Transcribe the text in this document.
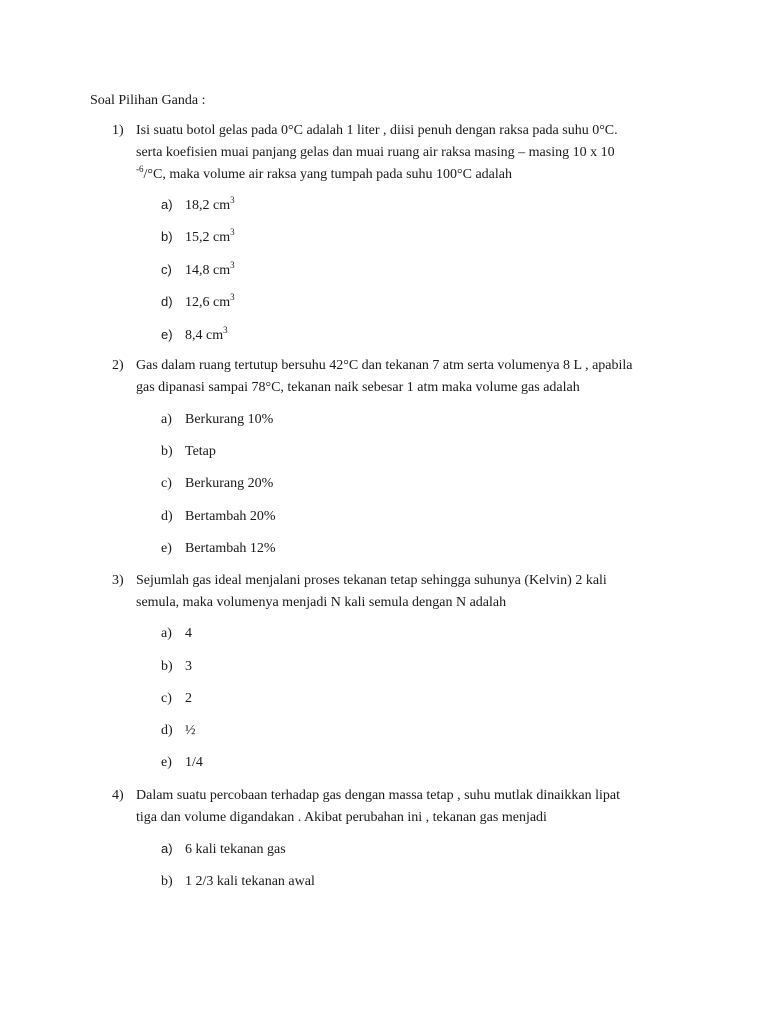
Soal Pilihan Ganda :
1) Isi suatu botol gelas pada 0°C adalah 1 liter , diisi penuh dengan raksa pada suhu 0°C.
serta koefisien muai panjang gelas dan muai ruang air raksa masing – masing 10 x 10
$^{-6}$/°C, maka volume air raksa yang tumpah pada suhu 100°C adalah
a) 18,2 $cm^3$
b) 15,2 $cm^3$
c) 14,8 $cm^3$
d) 12,6 $cm^3$
e) 8,4 $cm^3$
2) Gas dalam ruang tertutup bersuhu 42°C dan tekanan 7 atm serta volumenya 8 L , apabila
gas dipanasi sampai 78°C, tekanan naik sebesar 1 atm maka volume gas adalah
a) Berkurang 10%
b) Tetap
c) Berkurang 20%
d) Bertambah 20%
e) Bertambah 12%
3) Sejumlah gas ideal menjalani proses tekanan tetap sehingga suhunya (Kelvin) 2 kali
semula, maka volumenya menjadi N kali semula dengan N adalah
a) 4
b) 3
c) 2
d) ½
e) 1/4
4) Dalam suatu percobaan terhadap gas dengan massa tetap , suhu mutlak dinaikkan lipat
tiga dan volume digandakan . Akibat perubahan ini , tekanan gas menjadi
a) 6 kali tekanan gas
b) 1 2/3 kali tekanan awal
